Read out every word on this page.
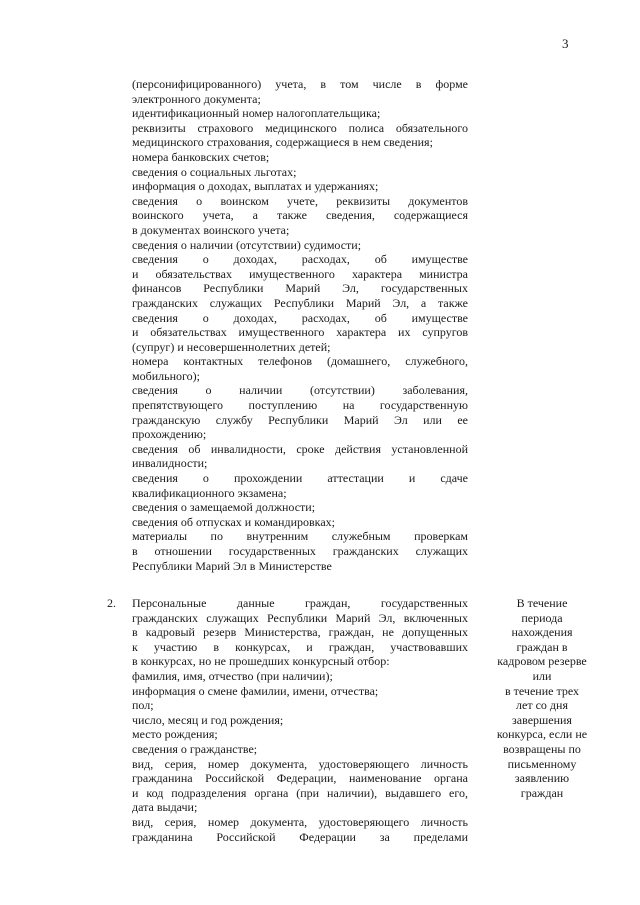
3
(персонифицированного) учета, в том числе в форме
электронного документа;
идентификационный номер налогоплательщика;
реквизиты страхового медицинского полиса обязательного
медицинского страхования, содержащиеся в нем сведения;
номера банковских счетов;
сведения о социальных льготах;
информация о доходах, выплатах и удержаниях;
сведения о воинском учете, реквизиты документов
воинского учета, а также сведения, содержащиеся
в документах воинского учета;
сведения о наличии (отсутствии) судимости;
сведения о доходах, расходах, об имуществе
и обязательствах имущественного характера министра
финансов Республики Марий Эл, государственных
гражданских служащих Республики Марий Эл, а также
сведения о доходах, расходах, об имуществе
и обязательствах имущественного характера их супругов
(супруг) и несовершеннолетних детей;
номера контактных телефонов (домашнего, служебного,
мобильного);
сведения о наличии (отсутствии) заболевания,
препятствующего поступлению на государственную
гражданскую службу Республики Марий Эл или ее
прохождению;
сведения об инвалидности, сроке действия установленной
инвалидности;
сведения о прохождении аттестации и сдаче
квалификационного экзамена;
сведения о замещаемой должности;
сведения об отпусках и командировках;
материалы по внутренним служебным проверкам
в отношении государственных гражданских служащих
Республики Марий Эл в Министерстве
2. Персональные данные граждан, государственных
гражданских служащих Республики Марий Эл, включенных
в кадровый резерв Министерства, граждан, не допущенных
к участию в конкурсах, и граждан, участвовавших
в конкурсах, но не прошедших конкурсный отбор:
фамилия, имя, отчество (при наличии);
информация о смене фамилии, имени, отчества;
пол;
число, месяц и год рождения;
место рождения;
сведения о гражданстве;
вид, серия, номер документа, удостоверяющего личность
гражданина Российской Федерации, наименование органа
и код подразделения органа (при наличии), выдавшего его,
дата выдачи;
вид, серия, номер документа, удостоверяющего личность
гражданина Российской Федерации за пределами
В течение
периода
нахождения
граждан в
кадровом резерве
или
в течение трех
лет со дня
завершения
конкурса, если не
возвращены по
письменному
заявлению
граждан
